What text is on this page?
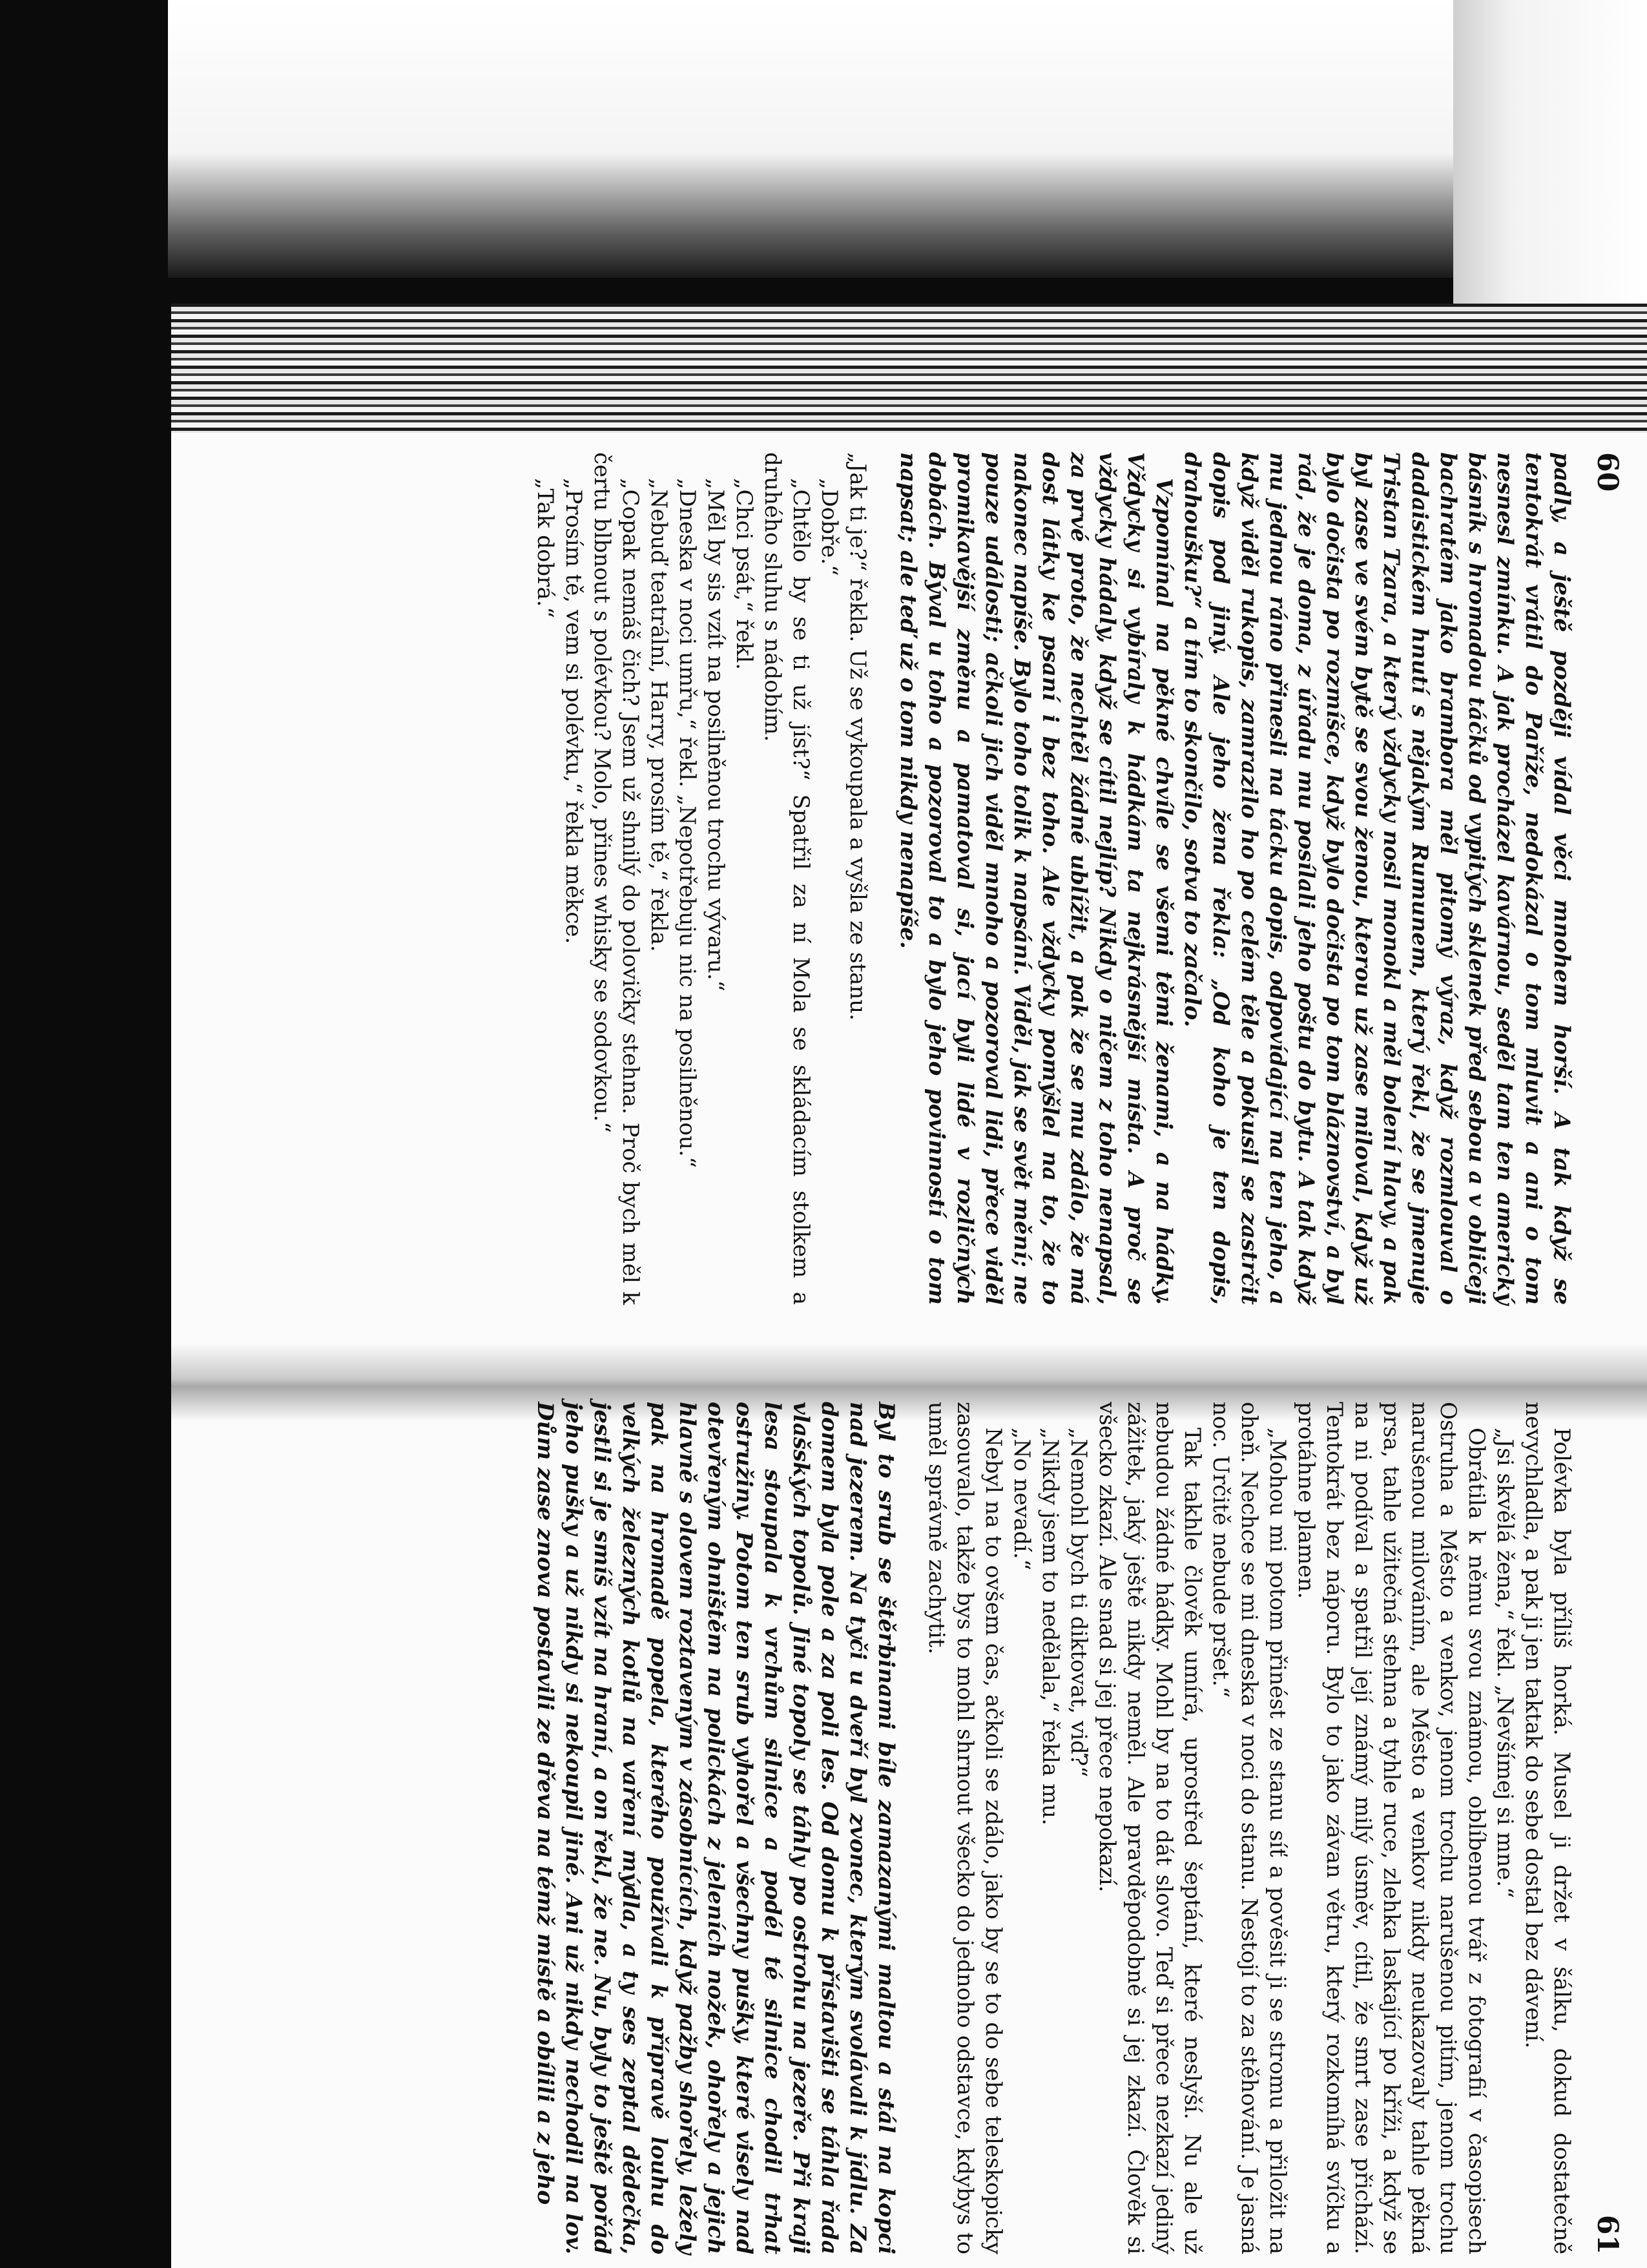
60

padly, a ještě později vídal věci mnohem horší. A tak když se tentokrát vrátil do Paříže, nedokázal o tom mluvit a ani o tom nesnesl zmínku. A jak procházel kavárnou, seděl tam ten americký básník s hromadou táčků od vypitých sklenek před sebou a v obličeji bachratém jako brambora měl pitomý výraz, když rozmlouval o dadaistickém hnutí s nějakým Rumunem, který řekl, že se jmenuje Tristan Tzara, a který vždycky nosil monokl a měl bolení hlavy, a pak byl zase ve svém bytě se svou ženou, kterou už zase miloval, když už bylo dočista po rozmíšce, když bylo dočista po tom bláznovství, a byl rád, že je doma, z úřadu mu posílali jeho poštu do bytu. A tak když mu jednou ráno přinesli na tácku dopis, odpovídající na ten jeho, a když viděl rukopis, zamrazilo ho po celém těle a pokusil se zastrčit dopis pod jiný. Ale jeho žena řekla: „Od koho je ten dopis, drahoušku?“ a tím to skončilo, sotva to začalo.

Vzpomínal na pěkné chvíle se všemi těmi ženami, a na hádky. Vždycky si vybíraly k hádkám ta nejkrásnější místa. A proč se vždycky hádaly, když se cítil nejlíp? Nikdy o ničem z toho nenapsal, za prvé proto, že nechtěl žádné ublížit, a pak že se mu zdálo, že má dost látky ke psaní i bez toho. Ale vždycky pomýšlel na to, že to nakonec napíše. Bylo toho tolik k napsání. Viděl, jak se svět mění; ne pouze události; ačkoli jich viděl mnoho a pozoroval lidi, přece viděl promikavější změnu a pamatoval si, jací byli lidé v rozličných dobách. Býval u toho a pozoroval to a bylo jeho povinností o tom napsat; ale teď už o tom nikdy nenapíše.

„Jak ti je?“ řekla. Už se vykoupala a vyšla ze stanu.

„Dobře.“

„Chtělo by se ti už jíst?“ Spatřil za ní Mola se skládacím stolkem a druhého sluhu s nádobím.

„Chci psát,“ řekl.

„Měl by sis vzít na posilněnou trochu vývaru.“

„Dneska v noci umřu,“ řekl. „Nepotřebuju nic na posilněnou.“

„Nebuď teatrální, Harry, prosím tě,“ řekla.

„Copak nemáš čich? Jsem už shnilý do polovičky stehna. Proč bych měl k čertu blbnout s polévkou? Molo, přines whisky se sodovkou.“

„Prosím tě, vem si polévku,“ řekla měkce.

„Tak dobrá.“

61

Polévka byla příliš horká. Musel ji držet v šálku, dokud dostatečně nevychladla, a pak ji jen taktak do sebe dostal bez dávení.

„Jsi skvělá žena,“ řekl. „Nevšímej si mne.“

Obrátila k němu svou známou, oblíbenou tvář z fotografií v časopisech Ostruha a Město a venkov, jenom trochu narušenou pitím, jenom trochu narušenou milováním, ale Město a venkov nikdy neukazovaly tahle pěkná prsa, tahle užitečná stehna a tyhle ruce, zlehka laskající po kříži, a když se na ni podíval a spatřil její známý milý úsměv, cítil, že smrt zase přichází. Tentokrát bez náporu. Bylo to jako závan větru, který rozkomíhá svíčku a protáhne plamen.

„Mohou mi potom přinést ze stanu síť a pověsit ji se stromu a přiložit na oheň. Nechce se mi dneska v noci do stanu. Nestojí to za stěhování. Je jasná noc. Určitě nebude pršet.“

Tak takhle člověk umírá, uprostřed šeptání, které neslyší. Nu ale už nebudou žádné hádky. Mohl by na to dát slovo. Teď si přece nezkazí jediný zážitek, jaký ještě nikdy neměl. Ale pravděpodobně si jej zkazí. Člověk si všecko zkazí. Ale snad si jej přece nepokazí.

„Nemohl bych ti diktovat, viď?“

„Nikdy jsem to nedělala,“ řekla mu.

„No nevadí.“

Nebyl na to ovšem čas, ačkoli se zdálo, jako by se to do sebe teleskopicky zasouvalo, takže bys to mohl shrnout všecko do jednoho odstavce, kdybys to uměl správně zachytit.

Byl to srub se štěrbinami bíle zamazanými maltou a stál na kopci nad jezerem. Na tyči u dveří byl zvonec, kterým svolávali k jídlu. Za domem byla pole a za poli les. Od domu k přístavišti se táhla řada vlašských topolů. Jiné topoly se táhly po ostrohu na jezeře. Při kraji lesa stoupala k vrchům silnice a podél té silnice chodil trhat ostružiny. Potom ten srub vyhořel a všechny pušky, které visely nad otevřeným ohništěm na polickách z jeleních nožek, ohořely a jejich hlavně s olovem roztaveným v zásobnících, když pažby shořely, ležely pak na hromadě popela, kterého používali k přípravě louhu do velkých železných kotlů na vaření mýdla, a ty ses zeptal dědečka, jestli si je smíš vzít na hraní, a on řekl, že ne. Nu, byly to ještě pořád jeho pušky a už nikdy si nekoupil jiné. Ani už nikdy nechodil na lov. Dům zase znova postavili ze dřeva na témž místě a obílili a z jeho
